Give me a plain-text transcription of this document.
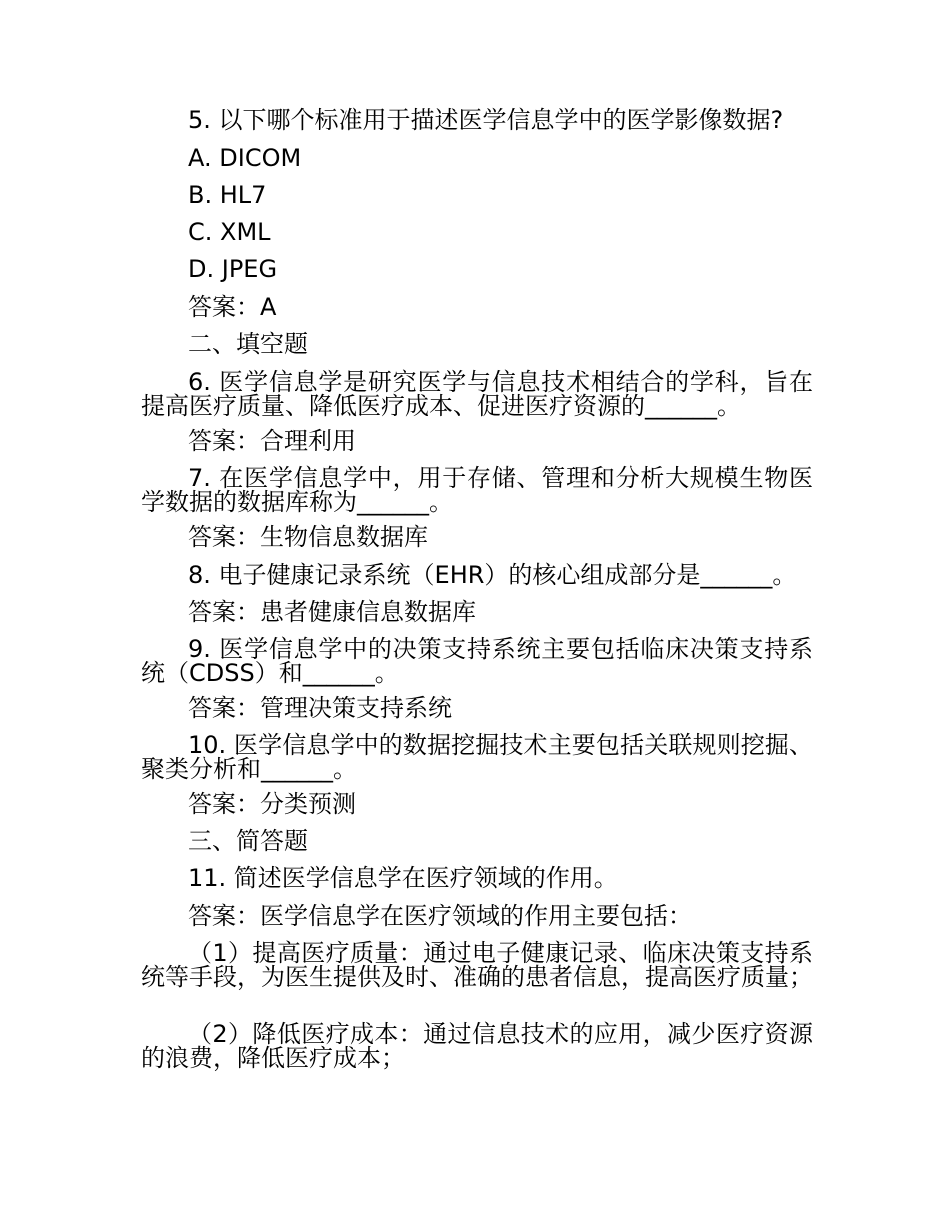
5. 以下哪个标准用于描述医学信息学中的医学影像数据?
A. DICOM
B. HL7
C. XML
D. JPEG
答案：A
二、填空题
6. 医学信息学是研究医学与信息技术相结合的学科，旨在提高医疗质量、降低医疗成本、促进医疗资源的______。
答案：合理利用
7. 在医学信息学中，用于存储、管理和分析大规模生物医学数据的数据库称为______。
答案：生物信息数据库
8. 电子健康记录系统（EHR）的核心组成部分是______。
答案：患者健康信息数据库
9. 医学信息学中的决策支持系统主要包括临床决策支持系统（CDSS）和______。
答案：管理决策支持系统
10. 医学信息学中的数据挖掘技术主要包括关联规则挖掘、聚类分析和______。
答案：分类预测
三、简答题
11. 简述医学信息学在医疗领域的作用。
答案：医学信息学在医疗领域的作用主要包括：
（1）提高医疗质量：通过电子健康记录、临床决策支持系统等手段，为医生提供及时、准确的患者信息，提高医疗质量；
（2）降低医疗成本：通过信息技术的应用，减少医疗资源的浪费，降低医疗成本；
